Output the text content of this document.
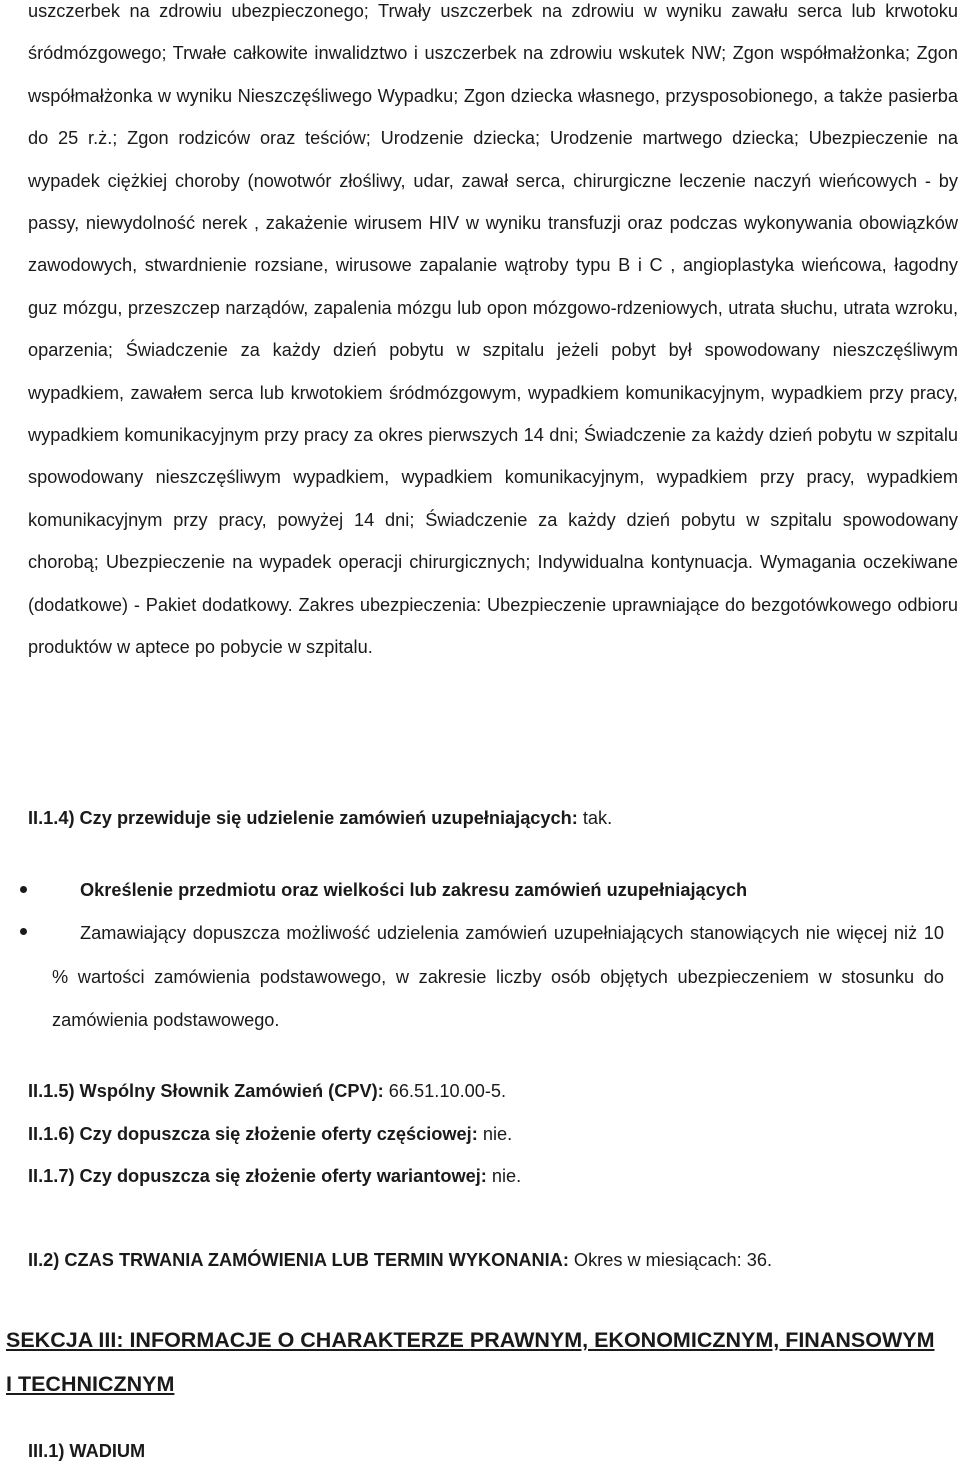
uszczerbek na zdrowiu ubezpieczonego; Trwały uszczerbek na zdrowiu w wyniku zawału serca lub krwotoku śródmózgowego; Trwałe całkowite inwalidztwo i uszczerbek na zdrowiu wskutek NW; Zgon współmałżonka; Zgon współmałżonka w wyniku Nieszczęśliwego Wypadku; Zgon dziecka własnego, przysposobionego, a także pasierba do 25 r.ż.; Zgon rodziców oraz teściów; Urodzenie dziecka; Urodzenie martwego dziecka; Ubezpieczenie na wypadek ciężkiej choroby (nowotwór złośliwy, udar, zawał serca, chirurgiczne leczenie naczyń wieńcowych - by passy, niewydolność nerek , zakażenie wirusem HIV w wyniku transfuzji oraz podczas wykonywania obowiązków zawodowych, stwardnienie rozsiane, wirusowe zapalanie wątroby typu B i C , angioplastyka wieńcowa, łagodny guz mózgu, przeszczep narządów, zapalenia mózgu lub opon mózgowo-rdzeniowych, utrata słuchu, utrata wzroku, oparzenia; Świadczenie za każdy dzień pobytu w szpitalu jeżeli pobyt był spowodowany nieszczęśliwym wypadkiem, zawałem serca lub krwotokiem śródmózgowym, wypadkiem komunikacyjnym, wypadkiem przy pracy, wypadkiem komunikacyjnym przy pracy za okres pierwszych 14 dni; Świadczenie za każdy dzień pobytu w szpitalu spowodowany nieszczęśliwym wypadkiem, wypadkiem komunikacyjnym, wypadkiem przy pracy, wypadkiem komunikacyjnym przy pracy, powyżej 14 dni; Świadczenie za każdy dzień pobytu w szpitalu spowodowany chorobą; Ubezpieczenie na wypadek operacji chirurgicznych; Indywidualna kontynuacja. Wymagania oczekiwane (dodatkowe) - Pakiet dodatkowy. Zakres ubezpieczenia: Ubezpieczenie uprawniające do bezgotówkowego odbioru produktów w aptece po pobycie w szpitalu.

II.1.4) Czy przewiduje się udzielenie zamówień uzupełniających: tak.

Określenie przedmiotu oraz wielkości lub zakresu zamówień uzupełniających

Zamawiający dopuszcza możliwość udzielenia zamówień uzupełniających stanowiących nie więcej niż 10 % wartości zamówienia podstawowego, w zakresie liczby osób objętych ubezpieczeniem w stosunku do zamówienia podstawowego.

II.1.5) Wspólny Słownik Zamówień (CPV): 66.51.10.00-5.

II.1.6) Czy dopuszcza się złożenie oferty częściowej: nie.

II.1.7) Czy dopuszcza się złożenie oferty wariantowej: nie.

II.2) CZAS TRWANIA ZAMÓWIENIA LUB TERMIN WYKONANIA: Okres w miesiącach: 36.

SEKCJA III: INFORMACJE O CHARAKTERZE PRAWNYM, EKONOMICZNYM, FINANSOWYM I TECHNICZNYM

III.1) WADIUM
